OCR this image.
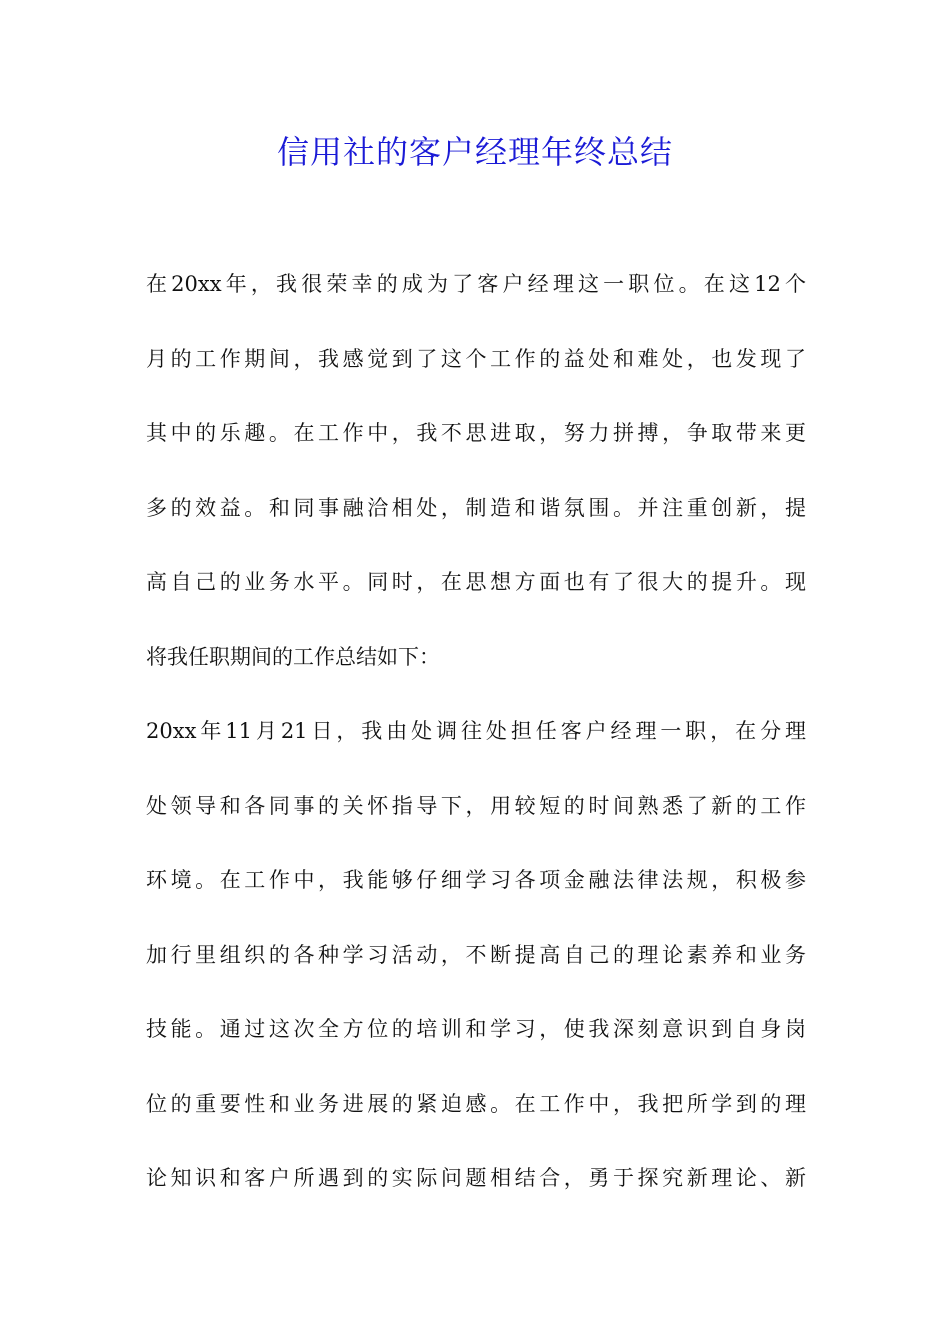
信用社的客户经理年终总结
在20xx年，我很荣幸的成为了客户经理这一职位。在这12个
月的工作期间，我感觉到了这个工作的益处和难处，也发现了
其中的乐趣。在工作中，我不思进取，努力拼搏，争取带来更
多的效益。和同事融洽相处，制造和谐氛围。并注重创新，提
高自己的业务水平。同时，在思想方面也有了很大的提升。现
将我任职期间的工作总结如下：
20xx年11月21日，我由处调往处担任客户经理一职，在分理
处领导和各同事的关怀指导下，用较短的时间熟悉了新的工作
环境。在工作中，我能够仔细学习各项金融法律法规，积极参
加行里组织的各种学习活动，不断提高自己的理论素养和业务
技能。通过这次全方位的培训和学习，使我深刻意识到自身岗
位的重要性和业务进展的紧迫感。在工作中，我把所学到的理
论知识和客户所遇到的实际问题相结合，勇于探究新理论、新
